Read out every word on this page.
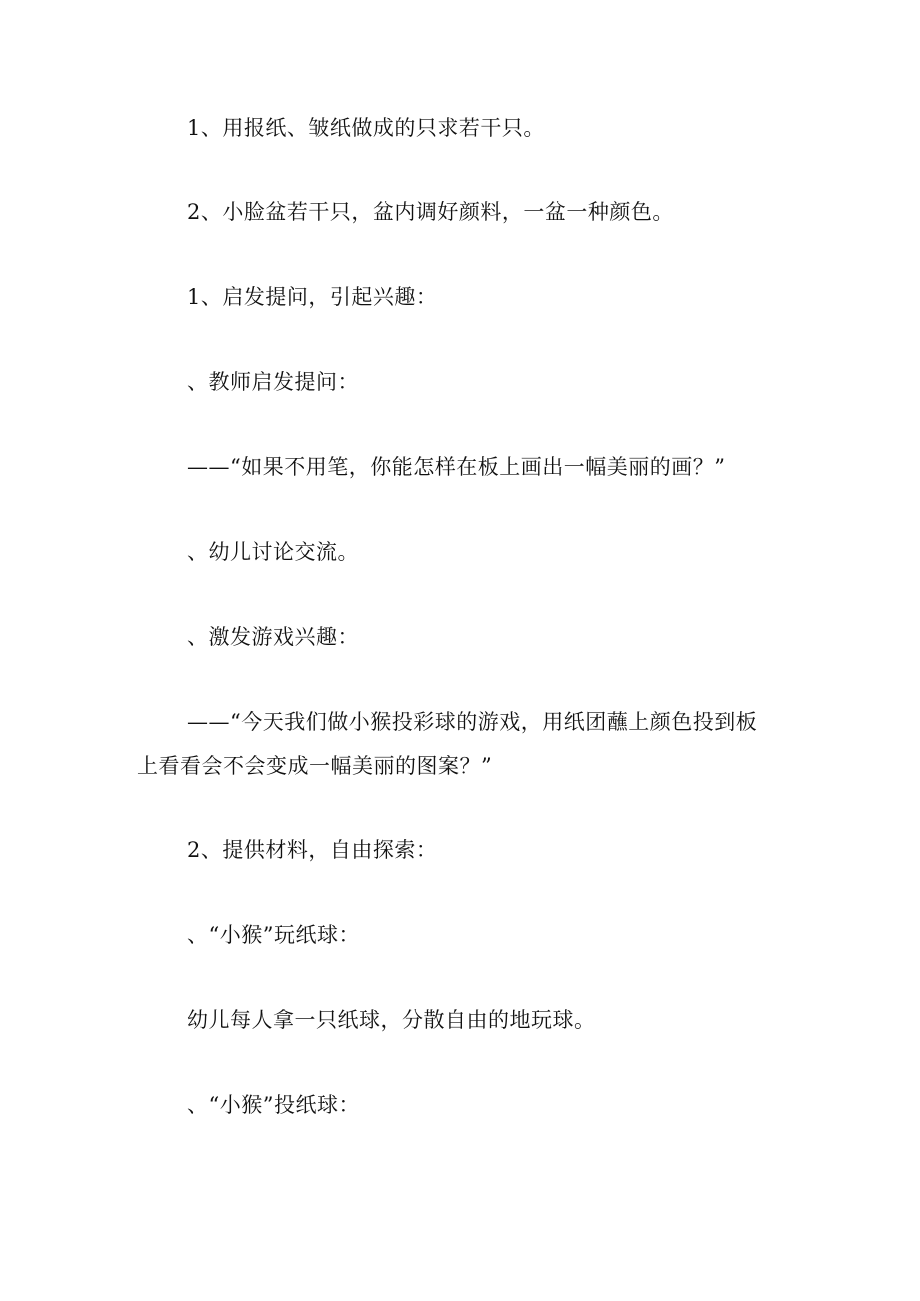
1、用报纸、皱纸做成的只求若干只。
2、小脸盆若干只，盆内调好颜料，一盆一种颜色。
1、启发提问，引起兴趣：
、教师启发提问：
——“如果不用笔，你能怎样在板上画出一幅美丽的画？”
、幼儿讨论交流。
、激发游戏兴趣：
——“今天我们做小猴投彩球的游戏，用纸团蘸上颜色投到板
上看看会不会变成一幅美丽的图案？”
2、提供材料，自由探索：
、“小猴”玩纸球：
幼儿每人拿一只纸球，分散自由的地玩球。
、“小猴”投纸球：
